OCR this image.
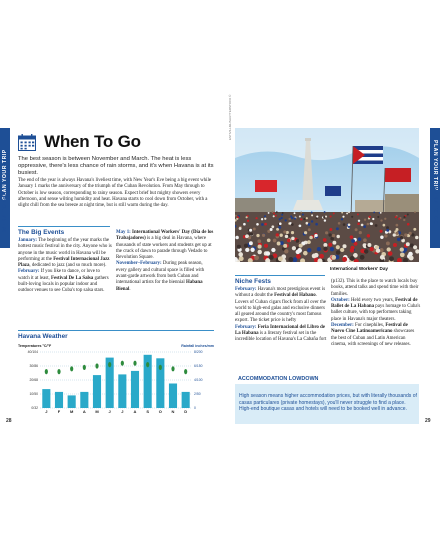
PLAN YOUR TRIP
WHEN TO GO
PLAN YOUR TRIP
WHEN TO GO
When To Go
The best season is between November and March. The heat is less oppressive, there's less chance of rain storms, and it's when Havana is at its busiest.
The end of the year is always Havana's liveliest time, with New Year's Eve being a big event while January 1 marks the anniversary of the triumph of the Cuban Revolution. From May through to October is low season, corresponding to rainy season. Expect brief but mighty showers every afternoon, and sense wilting humidity and heat. Havana starts to cool down from October, with a slight chill from the sea breeze at night time, but is still warm during the day.
The Big Events
January: The beginning of the year marks the hottest music festival in the city. Anyone who is anyone in the music world in Havana will be performing at the Festival Internacional Jazz Plaza, dedicated to jazz (and so much more).
February: If you like to dance, or love to watch it at least, Festival De La Salsa gathers built-loving locals in popular indoor and outdoor venues to see Cuba's top salsa stars.
May 1: International Workers' Day (Día de los Trabajadores) is a big deal in Havana, where thousands of state workers and students get up at the crack of dawn to parade through Vedado to Revolution Square.
November–February: During peak season, every gallery and cultural space is filled with avant-garde artwork from both Cuban and international artists for the biennial Habana Bienal.
Havana Weather
Temperatures °C/°F	Rainfall inches/mm
40/104
30/86
20/68
10/50
0/32
8/200
6/150
4/100
2/50
0
J	F M A M J	J	A S O N D
28
ESTIVILLML/SHUTTERSTOCK ©
International Workers' Day
Niche Fests
February: Havana's most prestigious event is without a doubt the Festival del Habano. Lovers of Cuban cigars flock from all over the world to high-end galas and exclusive dinners all geared around the country's most famous export. The ticket price is hefty
February: Feria Internacional del Libro de La Habana is a literary festival set in the incredible location of Havana's La Cabaña fort
(p132). This is the place to watch locals buy books, attend talks and spend time with their families.
October: Held every two years, Festival de Ballet de La Habana pays homage to Cuba's ballet culture, with top performers taking place in Havana's major theaters.
December: For cinephiles, Festival de Nuevo Cine Latinoamericano showcases the best of Cuban and Latin American cinema, with screenings of new releases.
ACCOMMODATION LOWDOWN
High season means higher accommodation prices, but with literally thousands of casas particulares (private homestays), you'll never struggle to find a place. High-end boutique casas and hotels will need to be booked well in advance.
29
